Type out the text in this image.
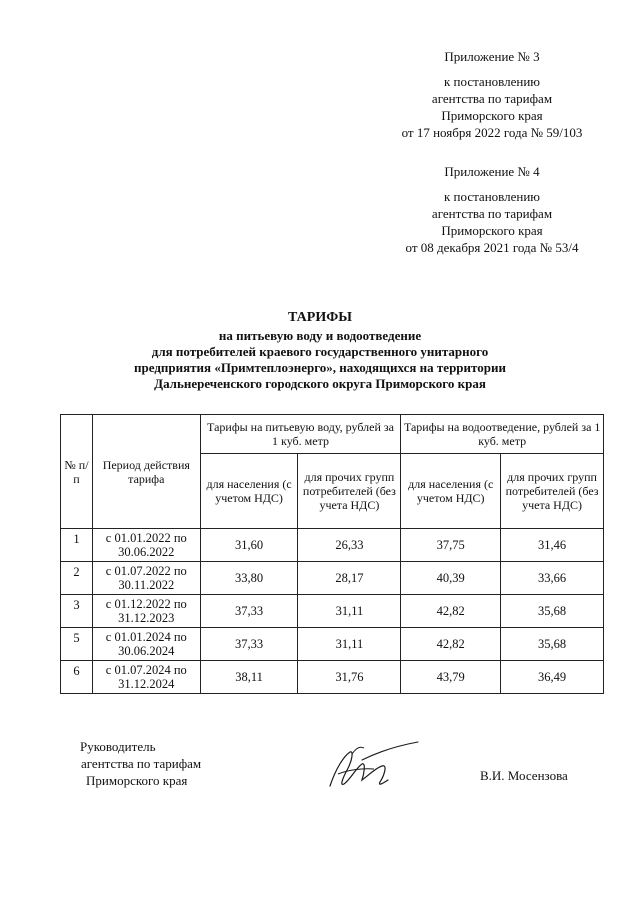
Приложение № 3
к постановлению
агентства по тарифам
Приморского края
от 17 ноября 2022 года № 59/103
Приложение № 4
к постановлению
агентства по тарифам
Приморского края
от 08 декабря 2021 года № 53/4
ТАРИФЫ
на питьевую воду и водоотведение
для потребителей краевого государственного унитарного
предприятия «Примтеплоэнерго», находящихся на территории
Дальнереченского городского округа Приморского края
№ п/п	Период действия тарифа	Тарифы на питьевую воду, рублей за 1 куб. метр		Тарифы на водоотведение, рублей за 1 куб. метр	
		для населения (с учетом НДС)	для прочих групп потребителей (без учета НДС)	для населения (с учетом НДС)	для прочих групп потребителей (без учета НДС)
1	с 01.01.2022 по 30.06.2022	31,60	26,33	37,75	31,46
2	с 01.07.2022 по 30.11.2022	33,80	28,17	40,39	33,66
3	с 01.12.2022 по 31.12.2023	37,33	31,11	42,82	35,68
5	с 01.01.2024 по 30.06.2024	37,33	31,11	42,82	35,68
6	с 01.07.2024 по 31.12.2024	38,11	31,76	43,79	36,49
Руководитель
агентства по тарифам
Приморского края	В.И. Мосензова
